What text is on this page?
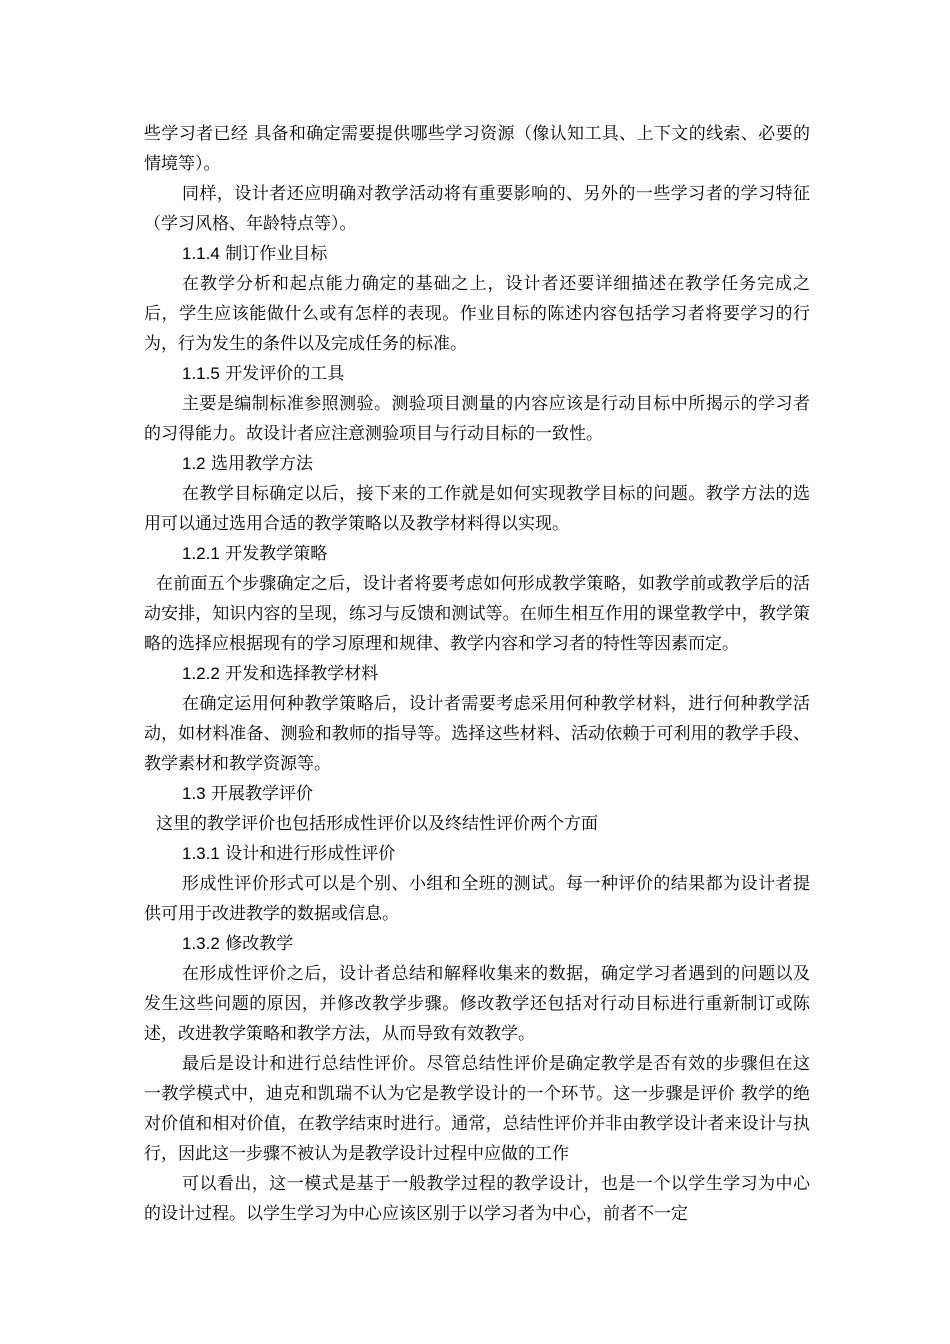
些学习者已经 具备和确定需要提供哪些学习资源（像认知工具、上下文的线索、必要的情境等）。

同样，设计者还应明确对教学活动将有重要影响的、另外的一些学习者的学习特征（学习风格、年龄特点等）。

1.1.4 制订作业目标

在教学分析和起点能力确定的基础之上，设计者还要详细描述在教学任务完成之后，学生应该能做什么或有怎样的表现。作业目标的陈述内容包括学习者将要学习的行为，行为发生的条件以及完成任务的标准。

1.1.5 开发评价的工具

主要是编制标准参照测验。测验项目测量的内容应该是行动目标中所揭示的学习者的习得能力。故设计者应注意测验项目与行动目标的一致性。

1.2 选用教学方法

在教学目标确定以后，接下来的工作就是如何实现教学目标的问题。教学方法的选用可以通过选用合适的教学策略以及教学材料得以实现。

1.2.1 开发教学策略

在前面五个步骤确定之后，设计者将要考虑如何形成教学策略，如教学前或教学后的活动安排，知识内容的呈现，练习与反馈和测试等。在师生相互作用的课堂教学中，教学策略的选择应根据现有的学习原理和规律、教学内容和学习者的特性等因素而定。

1.2.2 开发和选择教学材料

在确定运用何种教学策略后，设计者需要考虑采用何种教学材料，进行何种教学活动，如材料准备、测验和教师的指导等。选择这些材料、活动依赖于可利用的教学手段、教学素材和教学资源等。

1.3 开展教学评价

这里的教学评价也包括形成性评价以及终结性评价两个方面

1.3.1 设计和进行形成性评价

形成性评价形式可以是个别、小组和全班的测试。每一种评价的结果都为设计者提供可用于改进教学的数据或信息。

1.3.2 修改教学

在形成性评价之后，设计者总结和解释收集来的数据，确定学习者遇到的问题以及发生这些问题的原因，并修改教学步骤。修改教学还包括对行动目标进行重新制订或陈述，改进教学策略和教学方法，从而导致有效教学。

最后是设计和进行总结性评价。尽管总结性评价是确定教学是否有效的步骤但在这一教学模式中，迪克和凯瑞不认为它是教学设计的一个环节。这一步骤是评价 教学的绝对价值和相对价值，在教学结束时进行。通常，总结性评价并非由教学设计者来设计与执行，因此这一步骤不被认为是教学设计过程中应做的工作

可以看出，这一模式是基于一般教学过程的教学设计，也是一个以学生学习为中心的设计过程。以学生学习为中心应该区别于以学习者为中心，前者不一定
